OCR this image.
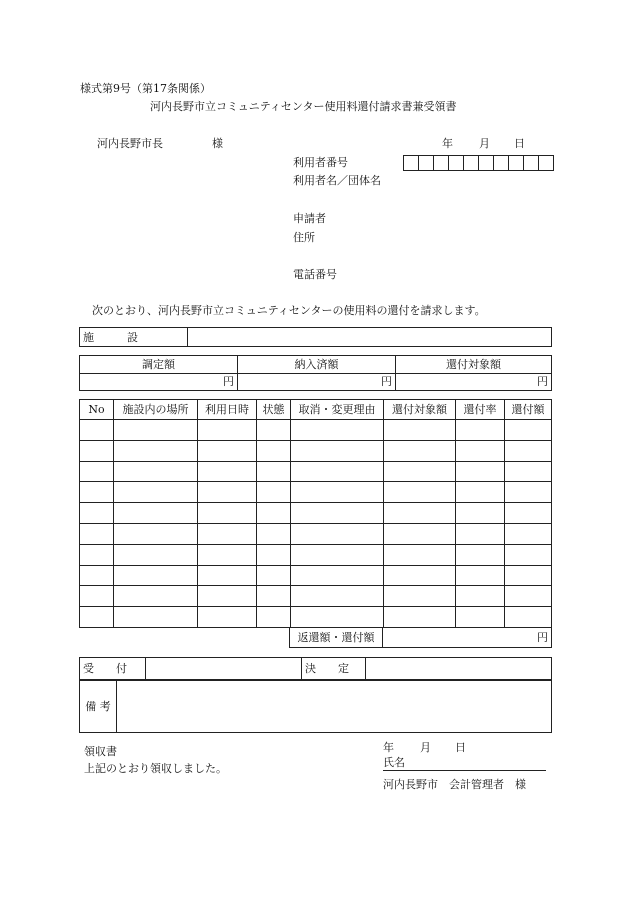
様式第9号（第17条関係）
河内長野市立コミュニティセンター使用料還付請求書兼受領書
河内長野市長	様	年 月 日
利用者番号
利用者名／団体名
申請者
住所
電話番号
次のとおり、河内長野市立コミュニティセンターの使用料の還付を請求します。
施　　　設	
調定額	納入済額	還付対象額
円	円	円
No	施設内の場所	利用日時	状態	取消・変更理由	還付対象額	還付率	還付額

返還額・還付額	円
受　　付		決　　定	
備 考	
領収書
上記のとおり領収しました。
年 月 日
氏名
河内長野市　会計管理者　様
